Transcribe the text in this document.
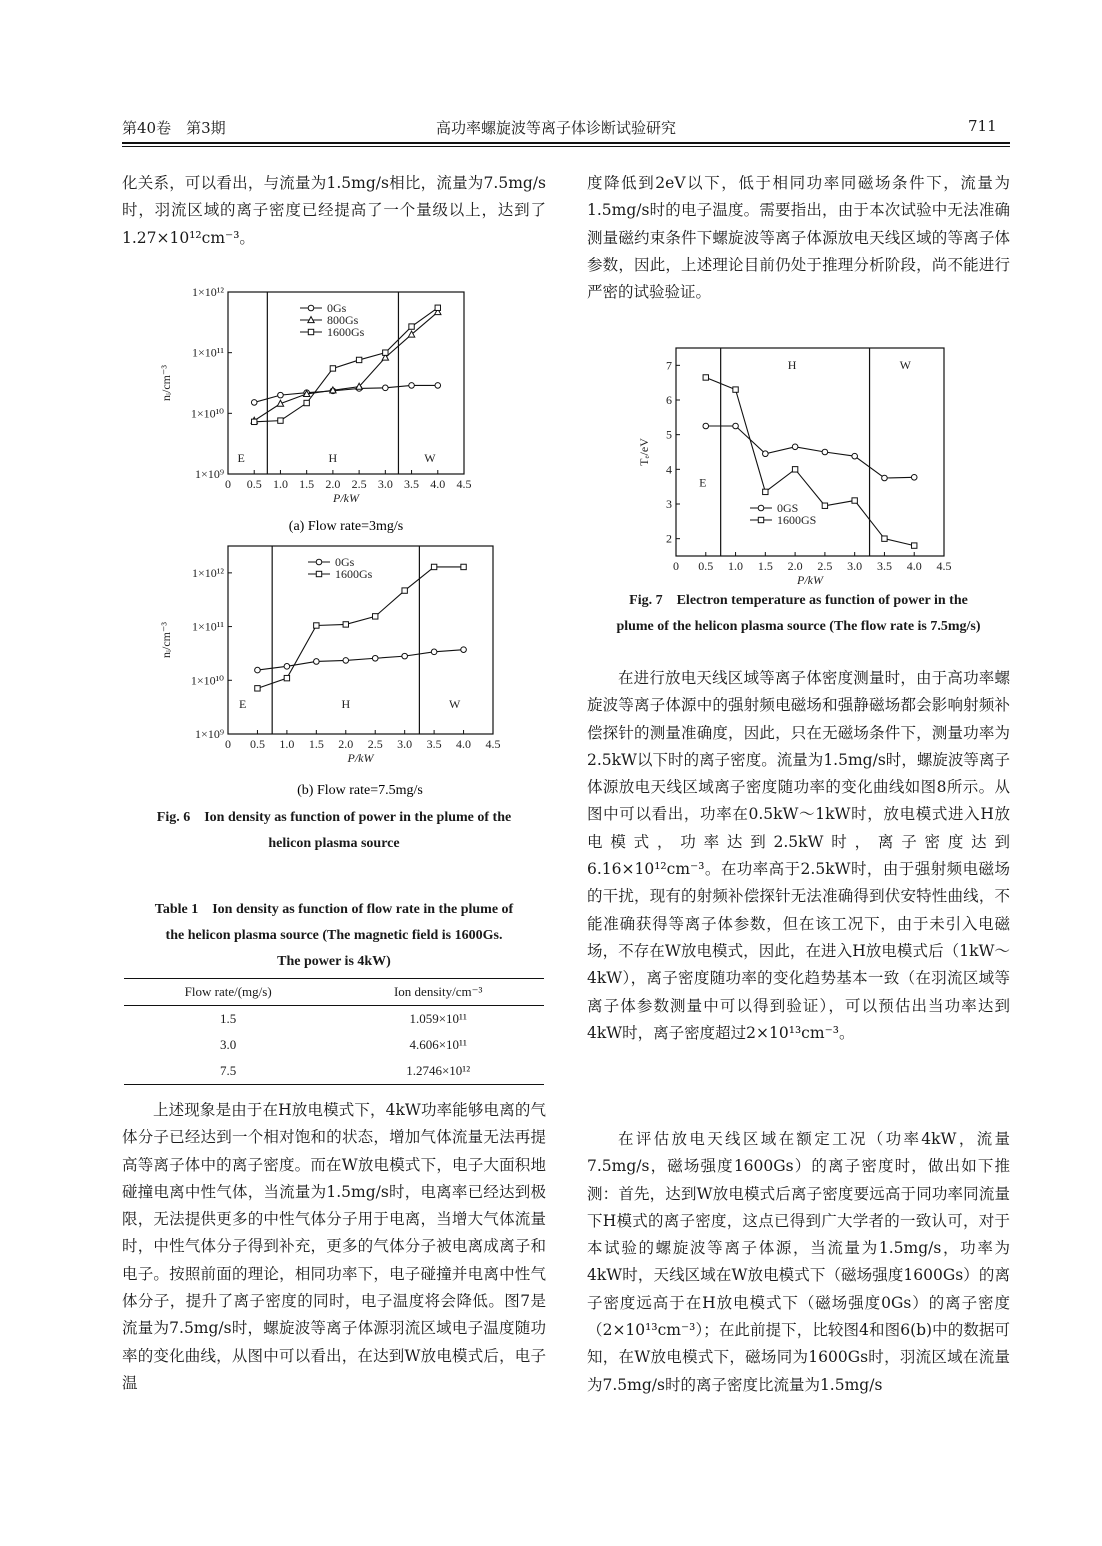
第40卷　第3期	高功率螺旋波等离子体诊断试验研究	711

化关系，可以看出，与流量为1.5mg/s相比，流量为7.5mg/s时，羽流区域的离子密度已经提高了一个量级以上，达到了1.27×10¹²cm⁻³。

0 0.5 1.0 1.5 2.0 2.5 3.0 3.5 4.0 4.5
1×10⁹
1×10¹⁰
1×10¹¹
1×10¹²
P/kW
nᵢ/cm⁻³
E	H	W
0Gs
800Gs
1600Gs
(a) Flow rate=3mg/s
0 0.5 1.0 1.5 2.0 2.5 3.0 3.5 4.0 4.5
1×10⁹
1×10¹⁰
1×10¹¹
1×10¹²
P/kW
nᵢ/cm⁻³
E	H	W
0Gs
1600Gs
(b) Flow rate=7.5mg/s
Fig. 6　Ion density as function of power in the plume of the
helicon plasma source
Table 1　Ion density as function of flow rate in the plume of
the helicon plasma source (The magnetic field is 1600Gs.
The power is 4kW)
Flow rate/(mg/s)	Ion density/cm⁻³
1.5	1.059×10¹¹
3.0	4.606×10¹¹
7.5	1.2746×10¹²

上述现象是由于在H放电模式下，4kW功率能够电离的气体分子已经达到一个相对饱和的状态，增加气体流量无法再提高等离子体中的离子密度。而在W放电模式下，电子大面积地碰撞电离中性气体，当流量为1.5mg/s时，电离率已经达到极限，无法提供更多的中性气体分子用于电离，当增大气体流量时，中性气体分子得到补充，更多的气体分子被电离成离子和电子。按照前面的理论，相同功率下，电子碰撞并电离中性气体分子，提升了离子密度的同时，电子温度将会降低。图7是流量为7.5mg/s时，螺旋波等离子体源羽流区域电子温度随功率的变化曲线，从图中可以看出，在达到W放电模式后，电子温

度降低到2eV以下，低于相同功率同磁场条件下，流量为1.5mg/s时的电子温度。需要指出，由于本次试验中无法准确测量磁约束条件下螺旋波等离子体源放电天线区域的等离子体参数，因此，上述理论目前仍处于推理分析阶段，尚不能进行严密的试验验证。

0 0.5 1.0 1.5 2.0 2.5 3.0 3.5 4.0 4.5
2
3
4
5
6
7
P/kW
Tₑ/eV
E
H	W
0GS
1600GS
Fig. 7　Electron temperature as function of power in the
plume of the helicon plasma source (The flow rate is 7.5mg/s)

在进行放电天线区域等离子体密度测量时，由于高功率螺旋波等离子体源中的强射频电磁场和强静磁场都会影响射频补偿探针的测量准确度，因此，只在无磁场条件下，测量功率为2.5kW以下时的离子密度。流量为1.5mg/s时，螺旋波等离子体源放电天线区域离子密度随功率的变化曲线如图8所示。从图中可以看出，功率在0.5kW～1kW时，放电模式进入H放电模式，功率达到2.5kW时，离子密度达到6.16×10¹²cm⁻³。在功率高于2.5kW时，由于强射频电磁场的干扰，现有的射频补偿探针无法准确得到伏安特性曲线，不能准确获得等离子体参数，但在该工况下，由于未引入电磁场，不存在W放电模式，因此，在进入H放电模式后（1kW～4kW），离子密度随功率的变化趋势基本一致（在羽流区域等离子体参数测量中可以得到验证），可以预估出当功率达到4kW时，离子密度超过2×10¹³cm⁻³。

在评估放电天线区域在额定工况（功率4kW，流量7.5mg/s，磁场强度1600Gs）的离子密度时，做出如下推测：首先，达到W放电模式后离子密度要远高于同功率同流量下H模式的离子密度，这点已得到广大学者的一致认可，对于本试验的螺旋波等离子体源，当流量为1.5mg/s，功率为4kW时，天线区域在W放电模式下（磁场强度1600Gs）的离子密度远高于在H放电模式下（磁场强度0Gs）的离子密度（2×10¹³cm⁻³）；在此前提下，比较图4和图6(b)中的数据可知，在W放电模式下，磁场同为1600Gs时，羽流区域在流量为7.5mg/s时的离子密度比流量为1.5mg/s
